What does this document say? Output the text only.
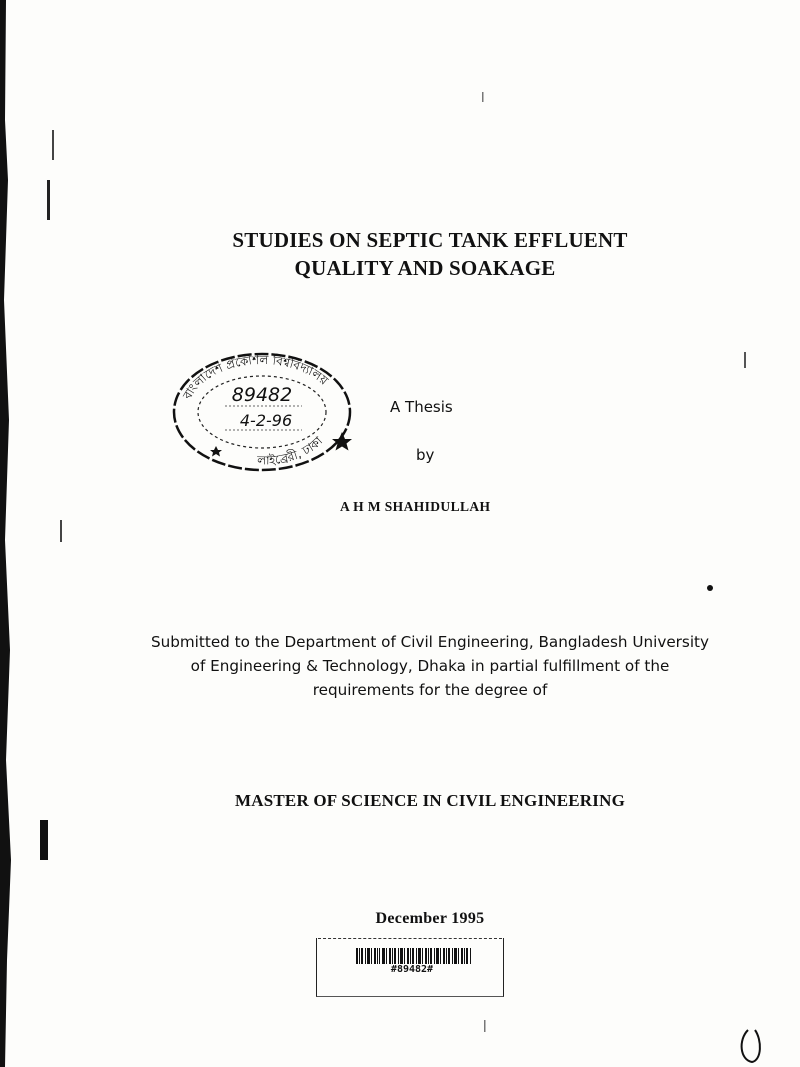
STUDIES ON SEPTIC TANK EFFLUENT
QUALITY AND SOAKAGE
বাংলাদেশ প্রকৌশল বিশ্ববিদ্যালয়
লাইব্রেরী, ঢাকা
89482
4-2-96
A Thesis
by
A H M SHAHIDULLAH
Submitted to the Department of Civil Engineering, Bangladesh University
of Engineering & Technology, Dhaka in partial fulfillment of the
requirements for the degree of
MASTER OF SCIENCE IN CIVIL ENGINEERING
December 1995
#89482#
